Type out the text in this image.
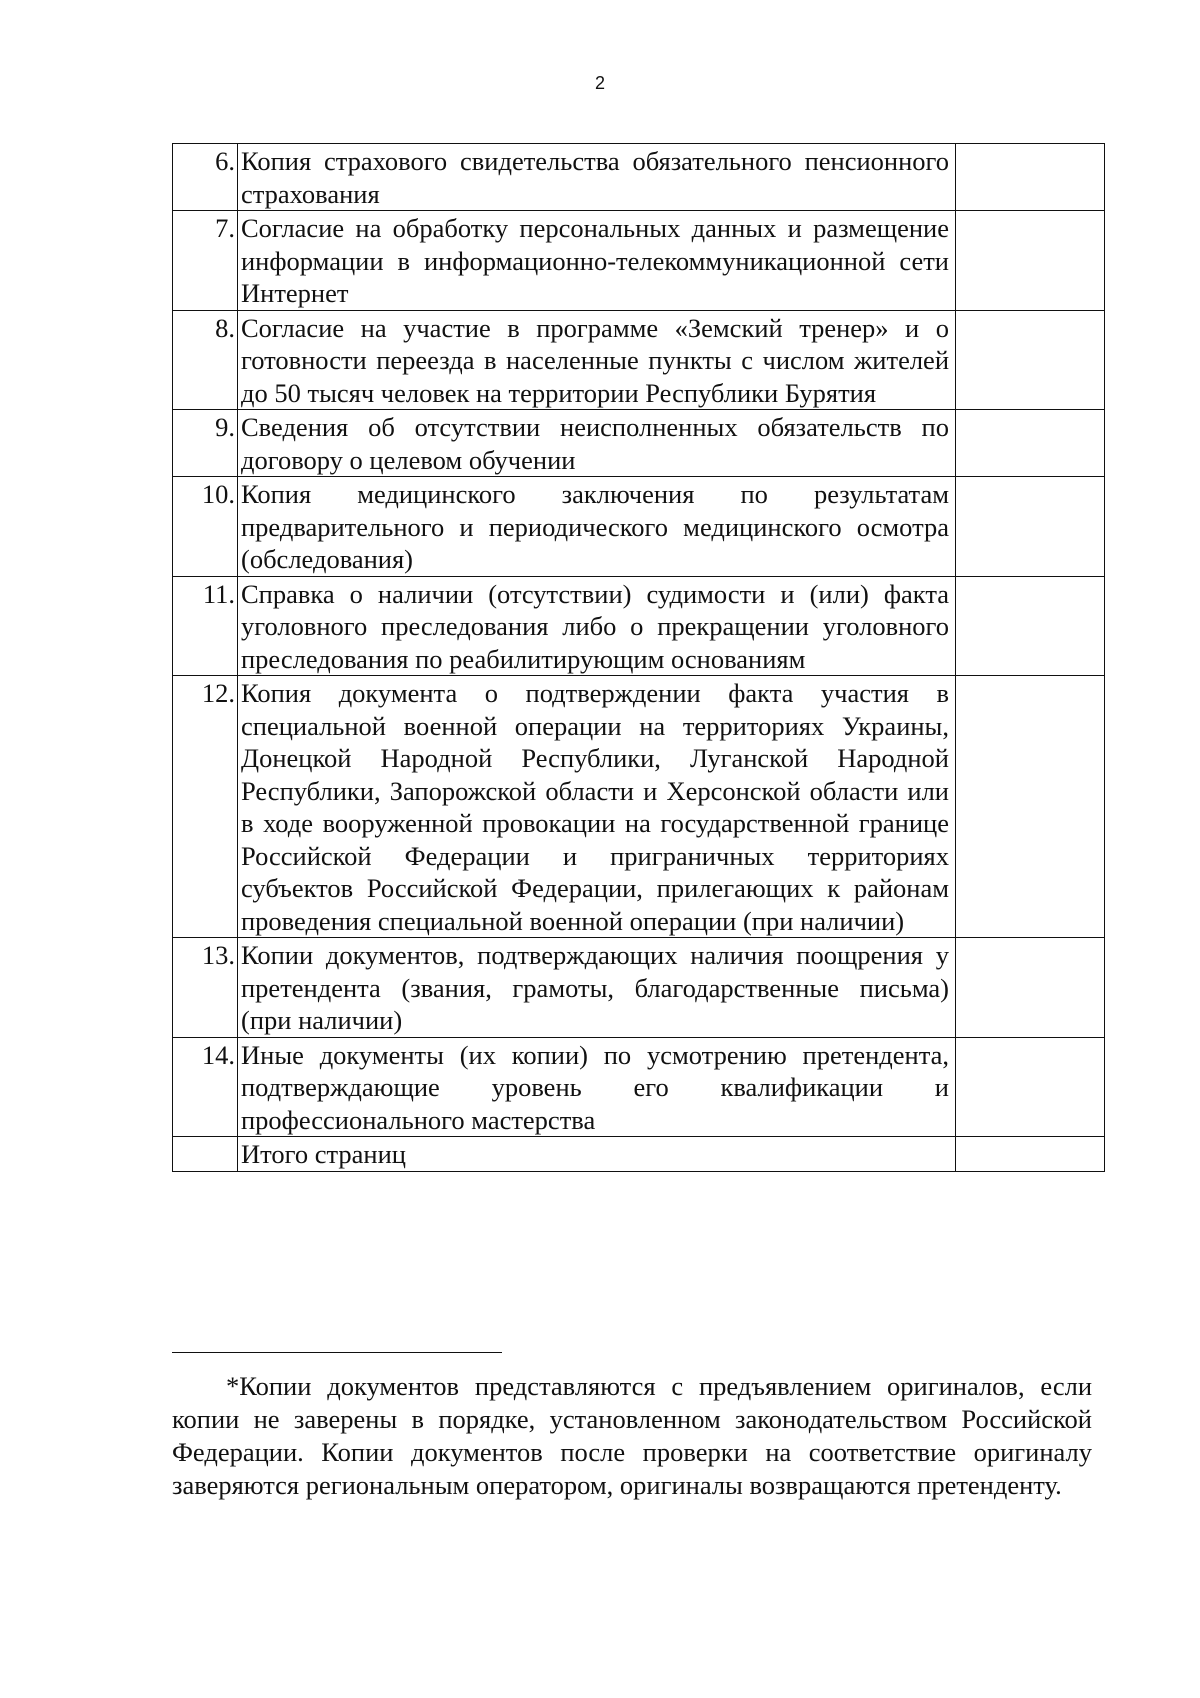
2
6.	Копия страхового свидетельства обязательного пенсионного страхования	
7.	Согласие на обработку персональных данных и размещение информации в информационно-телекоммуникационной сети Интернет	
8.	Согласие на участие в программе «Земский тренер» и о готовности переезда в населенные пункты с числом жителей до 50 тысяч человек на территории Республики Бурятия	
9.	Сведения об отсутствии неисполненных обязательств по договору о целевом обучении	
10.	Копия медицинского заключения по результатам предварительного и периодического медицинского осмотра (обследования)	
11.	Справка о наличии (отсутствии) судимости и (или) факта уголовного преследования либо о прекращении уголовного преследования по реабилитирующим основаниям	
12.	Копия документа о подтверждении факта участия в специальной военной операции на территориях Украины, Донецкой Народной Республики, Луганской Народной Республики, Запорожской области и Херсонской области или в ходе вооруженной провокации на государственной границе Российской Федерации и приграничных территориях субъектов Российской Федерации, прилегающих к районам проведения специальной военной операции (при наличии)	
13.	Копии документов, подтверждающих наличия поощрения у претендента (звания, грамоты, благодарственные письма) (при наличии)	
14.	Иные документы (их копии) по усмотрению претендента, подтверждающие уровень его квалификации и профессионального мастерства	
	Итого страниц	

*Копии документов представляются с предъявлением оригиналов, если копии не заверены в порядке, установленном законодательством Российской Федерации. Копии документов после проверки на соответствие оригиналу заверяются региональным оператором, оригиналы возвращаются претенденту.
